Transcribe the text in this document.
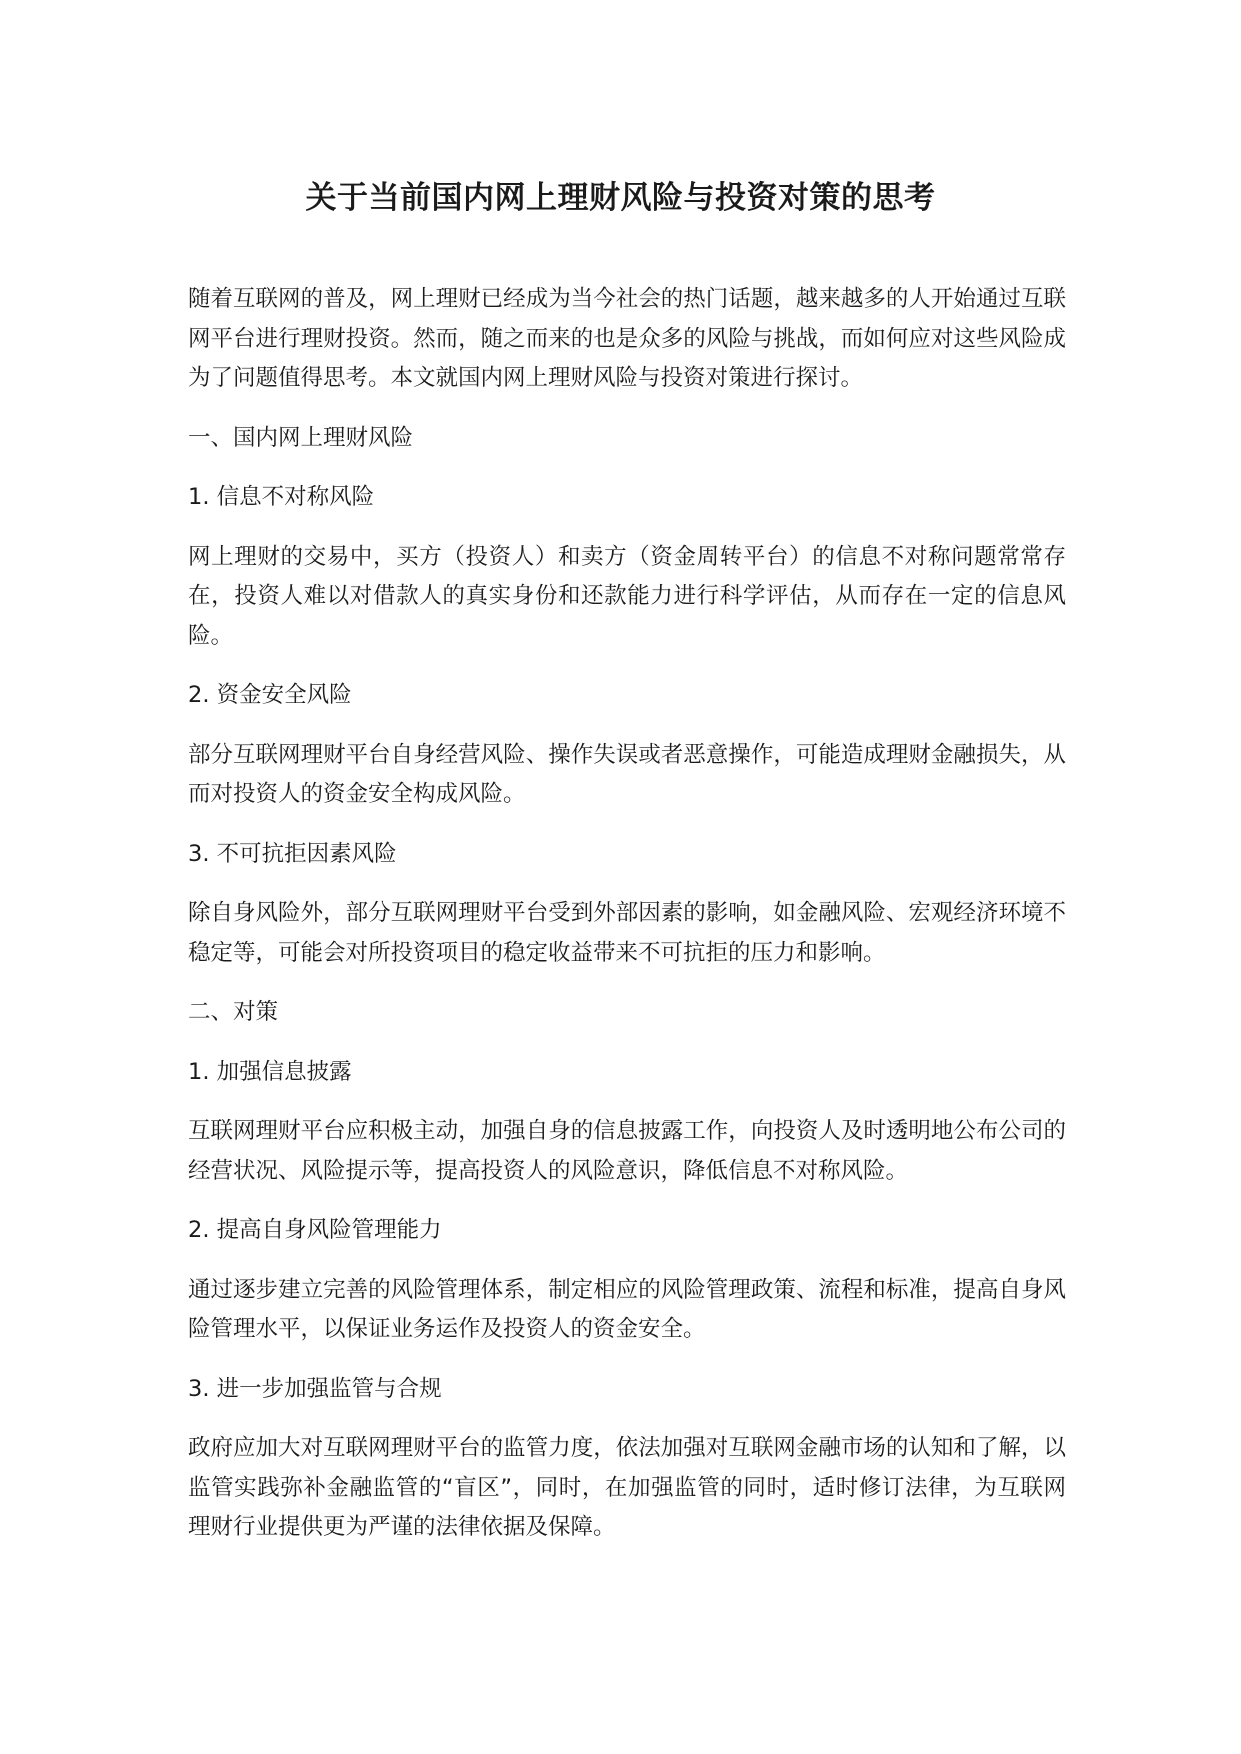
关于当前国内网上理财风险与投资对策的思考

随着互联网的普及，网上理财已经成为当今社会的热门话题，越来越多的人开始通过互联网平台进行理财投资。然而，随之而来的也是众多的风险与挑战，而如何应对这些风险成为了问题值得思考。本文就国内网上理财风险与投资对策进行探讨。

一、国内网上理财风险
1. 信息不对称风险

网上理财的交易中，买方（投资人）和卖方（资金周转平台）的信息不对称问题常常存在，投资人难以对借款人的真实身份和还款能力进行科学评估，从而存在一定的信息风险。

2. 资金安全风险

部分互联网理财平台自身经营风险、操作失误或者恶意操作，可能造成理财金融损失，从而对投资人的资金安全构成风险。

3. 不可抗拒因素风险

除自身风险外，部分互联网理财平台受到外部因素的影响，如金融风险、宏观经济环境不稳定等，可能会对所投资项目的稳定收益带来不可抗拒的压力和影响。

二、对策
1. 加强信息披露

互联网理财平台应积极主动，加强自身的信息披露工作，向投资人及时透明地公布公司的经营状况、风险提示等，提高投资人的风险意识，降低信息不对称风险。

2. 提高自身风险管理能力

通过逐步建立完善的风险管理体系，制定相应的风险管理政策、流程和标准，提高自身风险管理水平，以保证业务运作及投资人的资金安全。

3. 进一步加强监管与合规

政府应加大对互联网理财平台的监管力度，依法加强对互联网金融市场的认知和了解，以监管实践弥补金融监管的“盲区”，同时，在加强监管的同时，适时修订法律，为互联网理财行业提供更为严谨的法律依据及保障。
